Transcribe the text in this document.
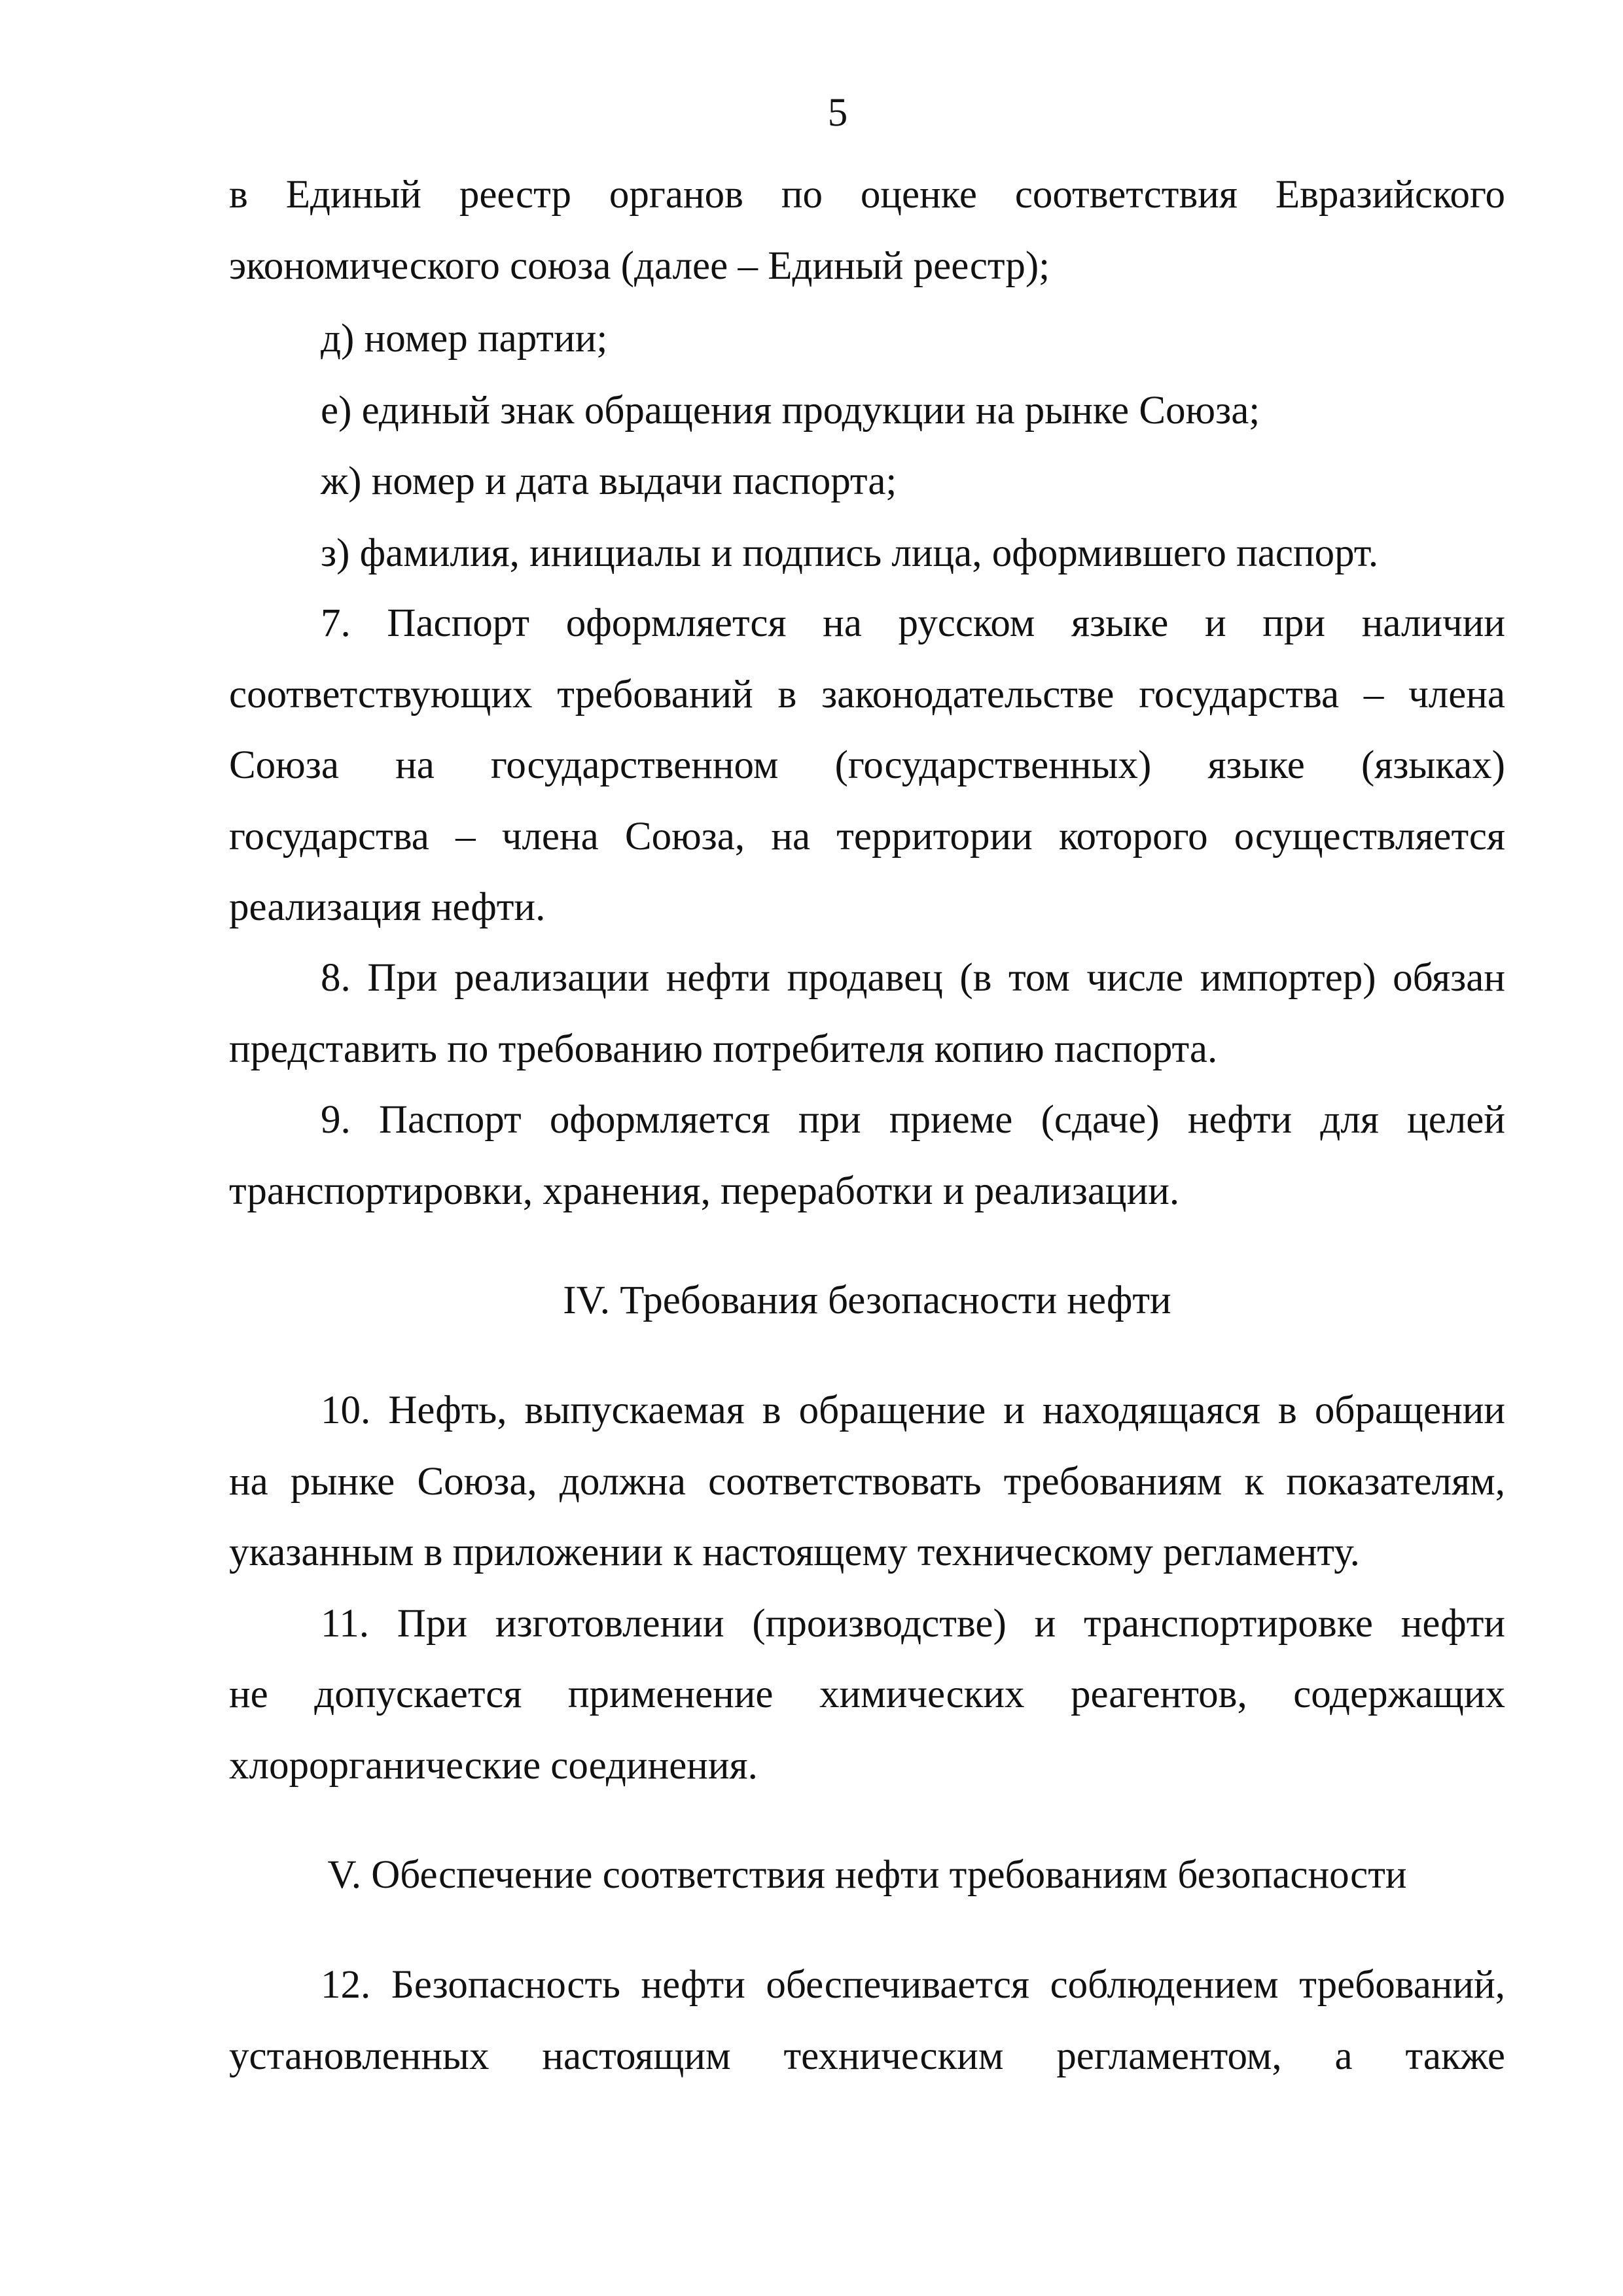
5
в Единый реестр органов по оценке соответствия Евразийского
экономического союза (далее – Единый реестр);
д) номер партии;
е) единый знак обращения продукции на рынке Союза;
ж) номер и дата выдачи паспорта;
з) фамилия, инициалы и подпись лица, оформившего паспорт.
7. Паспорт оформляется на русском языке и при наличии
соответствующих требований в законодательстве государства – члена
Союза на государственном (государственных) языке (языках)
государства – члена Союза, на территории которого осуществляется
реализация нефти.
8. При реализации нефти продавец (в том числе импортер) обязан
представить по требованию потребителя копию паспорта.
9. Паспорт оформляется при приеме (сдаче) нефти для целей
транспортировки, хранения, переработки и реализации.
IV. Требования безопасности нефти
10. Нефть, выпускаемая в обращение и находящаяся в обращении
на рынке Союза, должна соответствовать требованиям к показателям,
указанным в приложении к настоящему техническому регламенту.
11. При изготовлении (производстве) и транспортировке нефти
не допускается применение химических реагентов, содержащих
хлорорганические соединения.
V. Обеспечение соответствия нефти требованиям безопасности
12. Безопасность нефти обеспечивается соблюдением требований,
установленных настоящим техническим регламентом, а также
